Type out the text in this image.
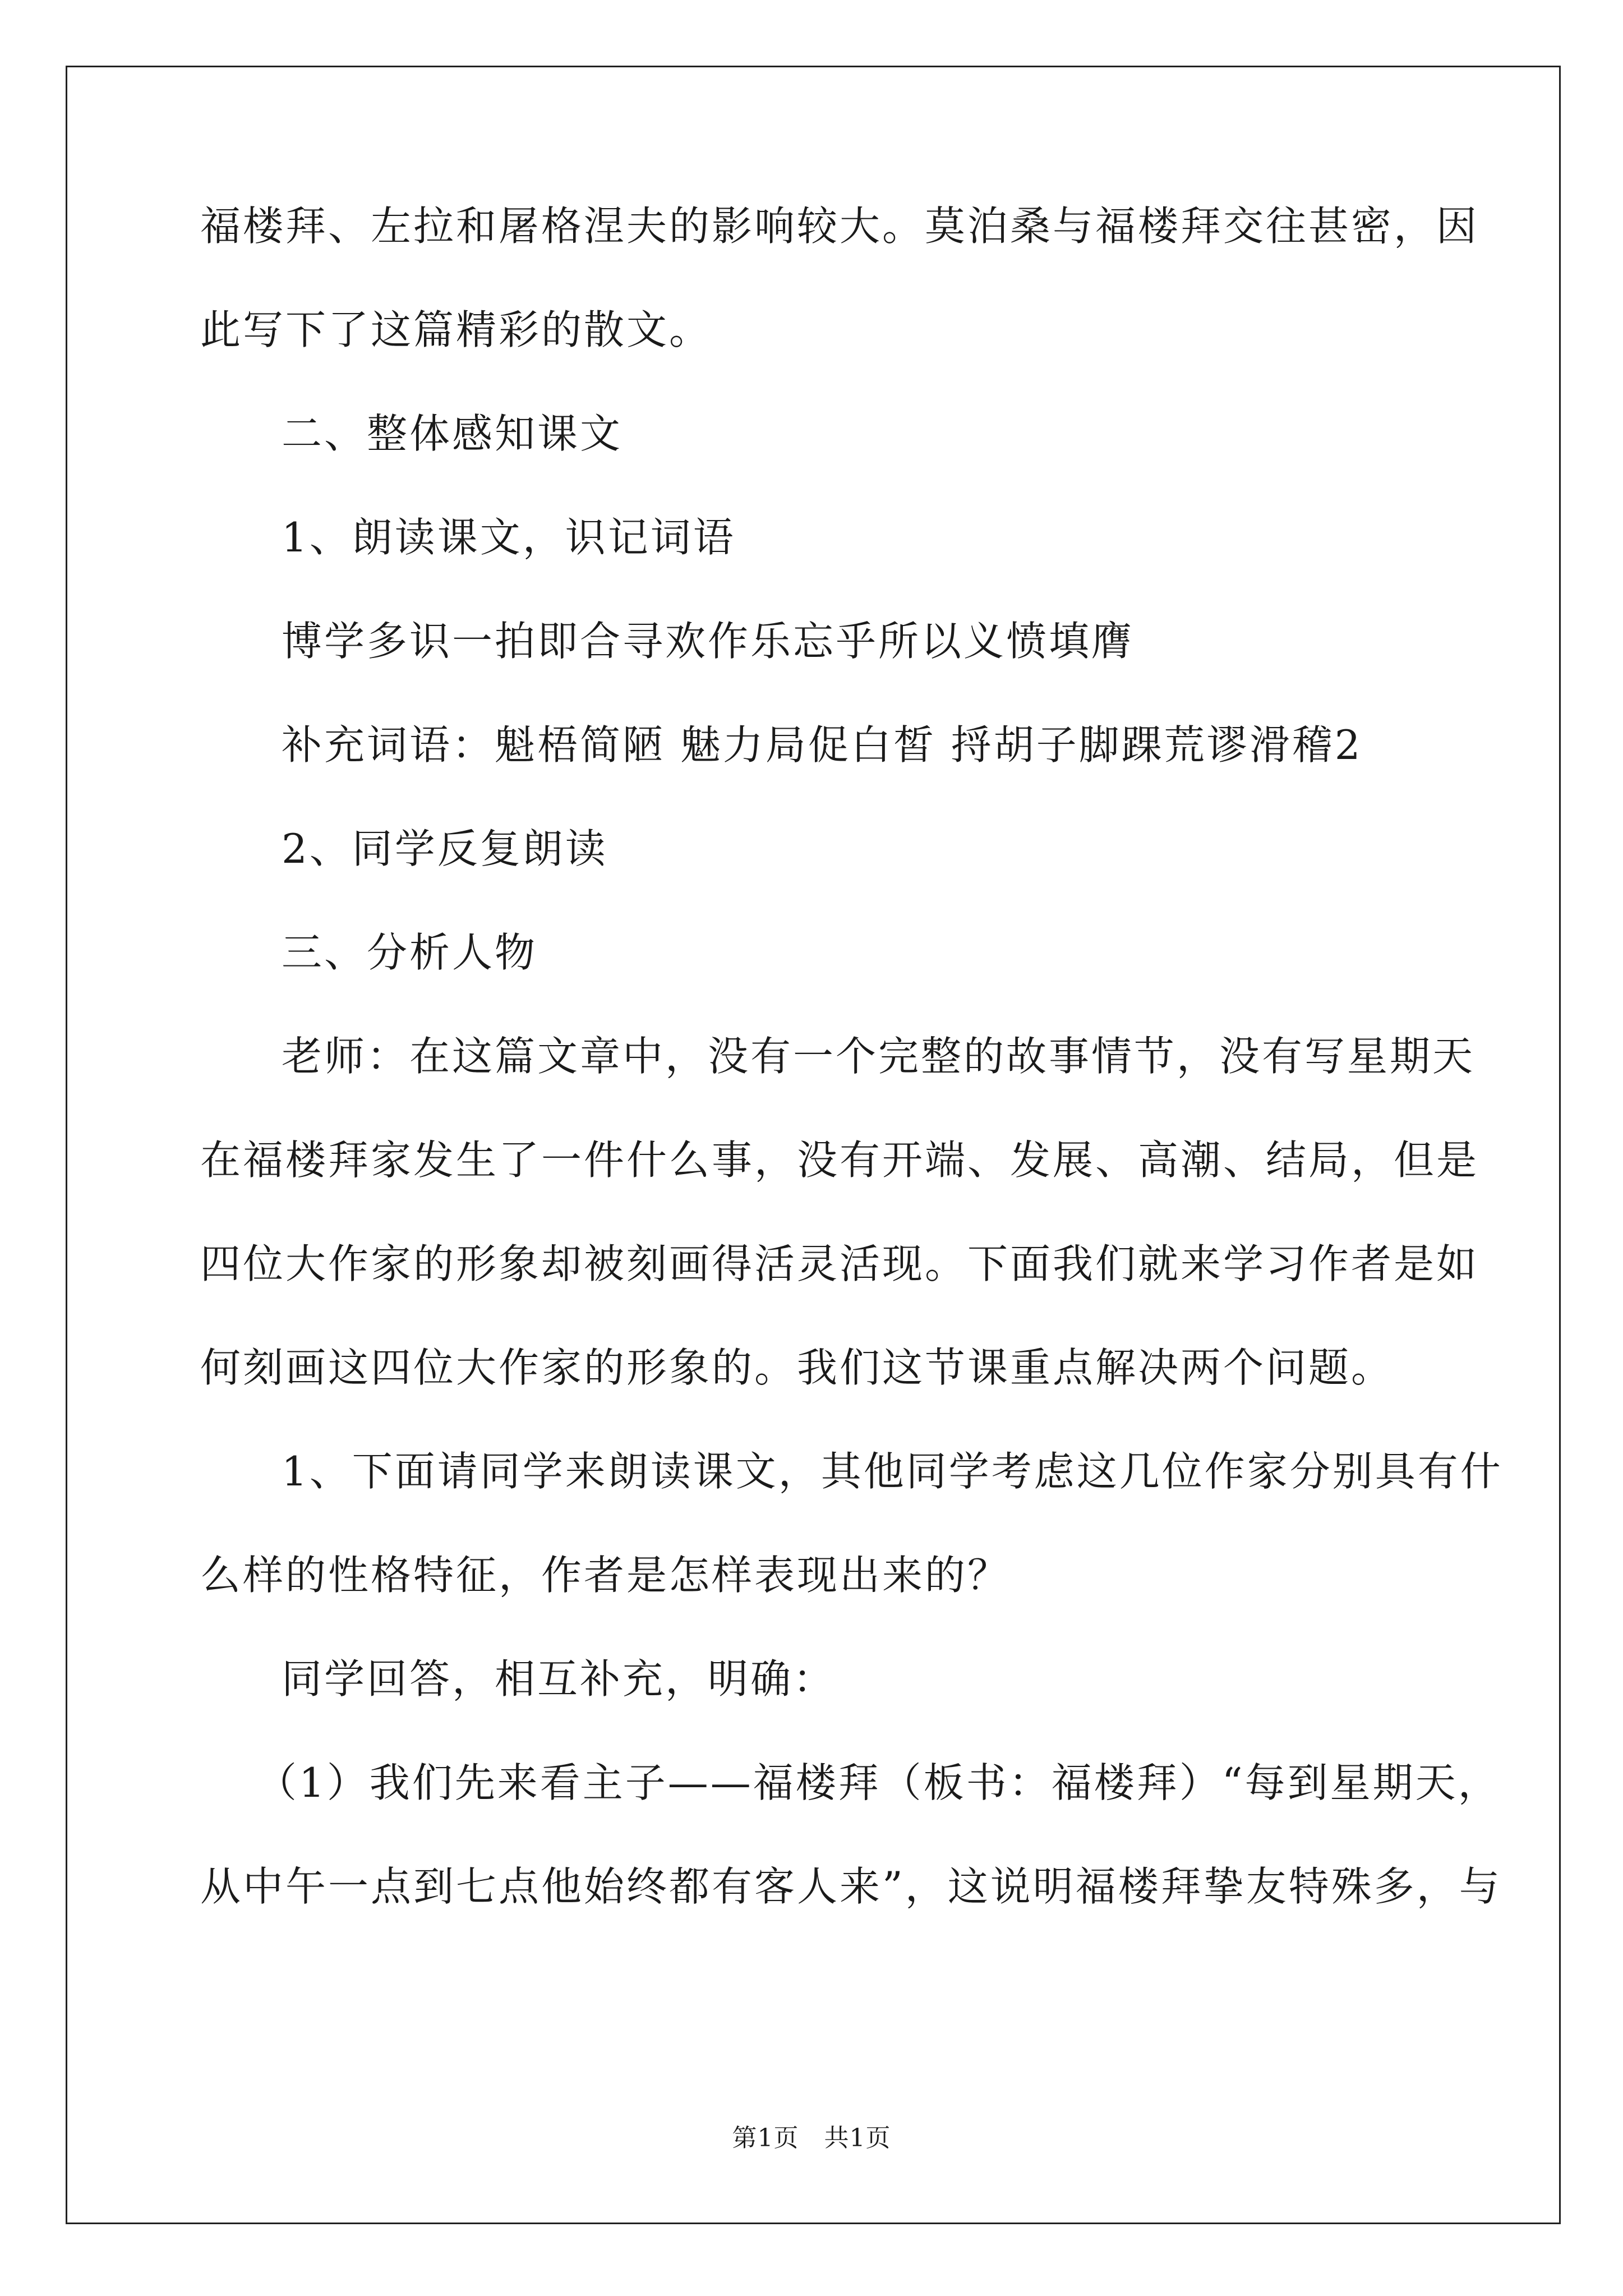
福楼拜、左拉和屠格涅夫的影响较大。莫泊桑与福楼拜交往甚密，因
此写下了这篇精彩的散文。
二、整体感知课文
1、朗读课文，识记词语
博学多识一拍即合寻欢作乐忘乎所以义愤填膺
补充词语：魁梧简陋 魅力局促白皙 捋胡子脚踝荒谬滑稽2
2、同学反复朗读
三、分析人物
老师：在这篇文章中，没有一个完整的故事情节，没有写星期天
在福楼拜家发生了一件什么事，没有开端、发展、高潮、结局，但是
四位大作家的形象却被刻画得活灵活现。下面我们就来学习作者是如
何刻画这四位大作家的形象的。我们这节课重点解决两个问题。
1、下面请同学来朗读课文，其他同学考虑这几位作家分别具有什
么样的性格特征，作者是怎样表现出来的？
同学回答，相互补充，明确：
（1）我们先来看主子——福楼拜（板书：福楼拜）“每到星期天，
从中午一点到七点他始终都有客人来”，这说明福楼拜挚友特殊多，与
第1页   共1页
